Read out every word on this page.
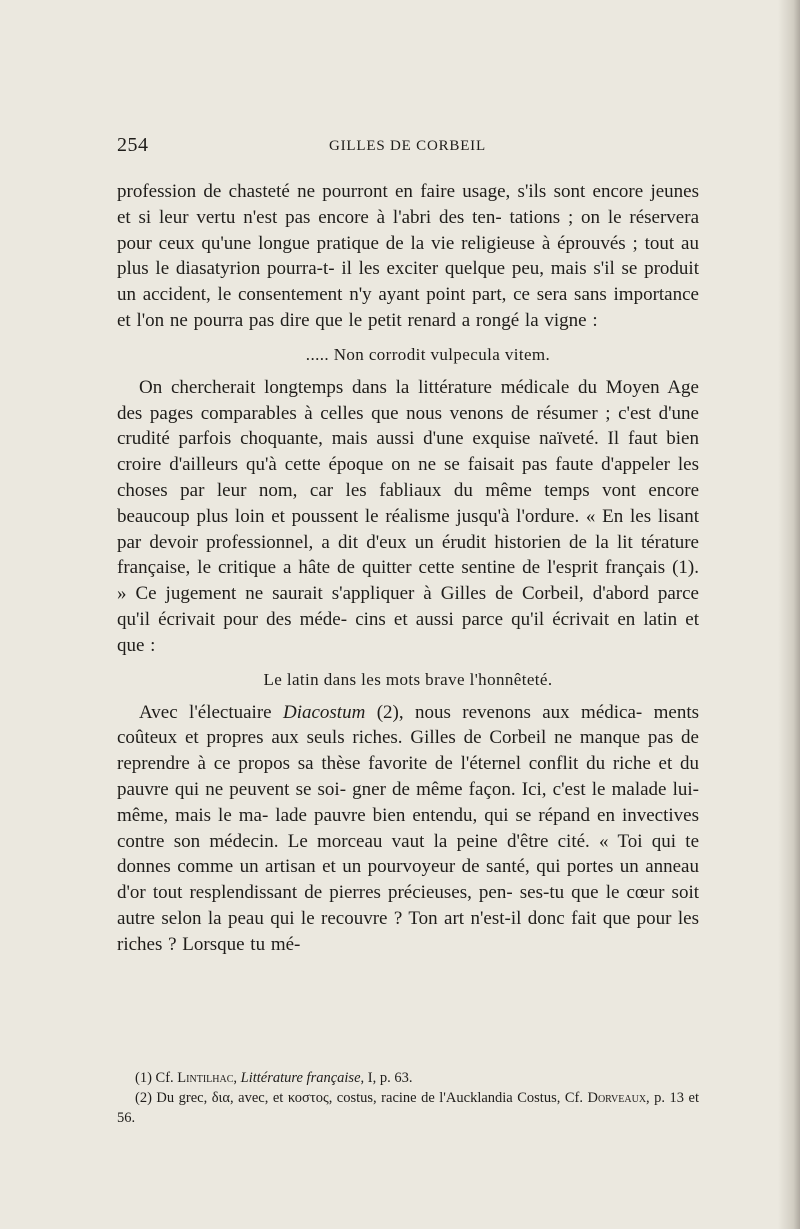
254	GILLES DE CORBEIL

profession de chasteté ne pourront en faire usage, s'ils sont encore jeunes et si leur vertu n'est pas encore à l'abri des ten- tations ; on le réservera pour ceux qu'une longue pratique de la vie religieuse à éprouvés ; tout au plus le diasatyrion pourra-t- il les exciter quelque peu, mais s'il se produit un accident, le consentement n'y ayant point part, ce sera sans importance et l'on ne pourra pas dire que le petit renard a rongé la vigne :

..... Non corrodit vulpecula vitem.

On chercherait longtemps dans la littérature médicale du Moyen Age des pages comparables à celles que nous venons de résumer ; c'est d'une crudité parfois choquante, mais aussi d'une exquise naïveté. Il faut bien croire d'ailleurs qu'à cette époque on ne se faisait pas faute d'appeler les choses par leur nom, car les fabliaux du même temps vont encore beaucoup plus loin et poussent le réalisme jusqu'à l'ordure. « En les lisant par devoir professionnel, a dit d'eux un érudit historien de la lit térature française, le critique a hâte de quitter cette sentine de l'esprit français (1). » Ce jugement ne saurait s'appliquer à Gilles de Corbeil, d'abord parce qu'il écrivait pour des méde- cins et aussi parce qu'il écrivait en latin et que :

Le latin dans les mots brave l'honnêteté.

Avec l'électuaire Diacostum (2), nous revenons aux médica- ments coûteux et propres aux seuls riches. Gilles de Corbeil ne manque pas de reprendre à ce propos sa thèse favorite de l'éternel conflit du riche et du pauvre qui ne peuvent se soi- gner de même façon. Ici, c'est le malade lui-même, mais le ma- lade pauvre bien entendu, qui se répand en invectives contre son médecin. Le morceau vaut la peine d'être cité. « Toi qui te donnes comme un artisan et un pourvoyeur de santé, qui portes un anneau d'or tout resplendissant de pierres précieuses, pen- ses-tu que le cœur soit autre selon la peau qui le recouvre ? Ton art n'est-il donc fait que pour les riches ? Lorsque tu mé-

(1) Cf. Lintilhac, Littérature française, I, p. 63.

(2) Du grec, δια, avec, et κοστος, costus, racine de l'Aucklandia Costus, Cf. Dorveaux, p. 13 et 56.
